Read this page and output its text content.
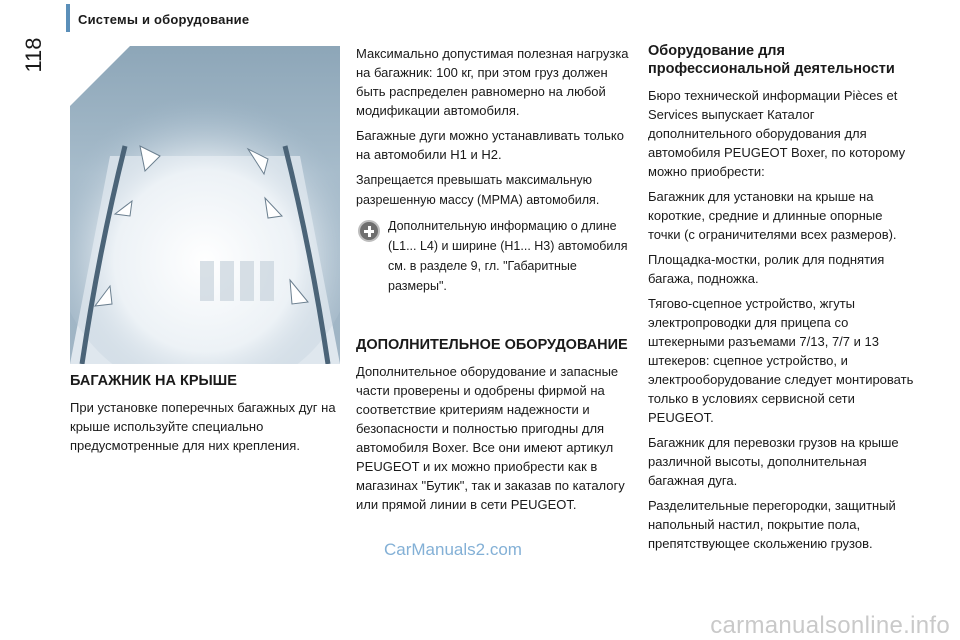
Системы и оборудование
118

БАГАЖНИК НА КРЫШЕ

При установке поперечных багажных дуг на крыше используйте специально предусмотренные для них крепления.

Максимально допустимая полезная нагрузка на багажник: 100 кг, при этом груз должен быть распределен равномерно на любой модификации автомобиля.

Багажные дуги можно устанавливать только на автомобили H1 и H2.

Запрещается превышать максимальную разрешенную массу (МРМА) автомобиля.

Дополнительную информацию о длине (L1... L4) и ширине (H1... H3) автомобиля см. в разделе 9, гл. "Габаритные размеры".

ДОПОЛНИТЕЛЬНОЕ ОБОРУДОВАНИЕ

Дополнительное оборудование и запасные части проверены и одобрены фирмой на соответствие критериям надежности и безопасности и полностью пригодны для автомобиля Boxer. Все они имеют артикул PEUGEOT и их можно приобрести как в магазинах "Бутик", так и заказав по каталогу или прямой линии в сети PEUGEOT.

Оборудование для профессиональной деятельности

Бюро технической информации Pièces et Services выпускает Каталог дополнительного оборудования для автомобиля PEUGEOT Boxer, по которому можно приобрести:

Багажник для установки на крыше на короткие, средние и длинные опорные точки (с ограничителями всех размеров).

Площадка-мостки, ролик для поднятия багажа, подножка.

Тягово-сцепное устройство, жгуты электропроводки для прицепа со штекерными разъемами 7/13, 7/7 и 13 штекеров: сцепное устройство, и электрооборудование следует монтировать только в условиях сервисной сети PEUGEOT.

Багажник для перевозки грузов на крыше различной высоты, дополнительная багажная дуга.

Разделительные перегородки, защитный напольный настил, покрытие пола, препятствующее скольжению грузов.

CarManuals2.com
carmanualsonline.info
